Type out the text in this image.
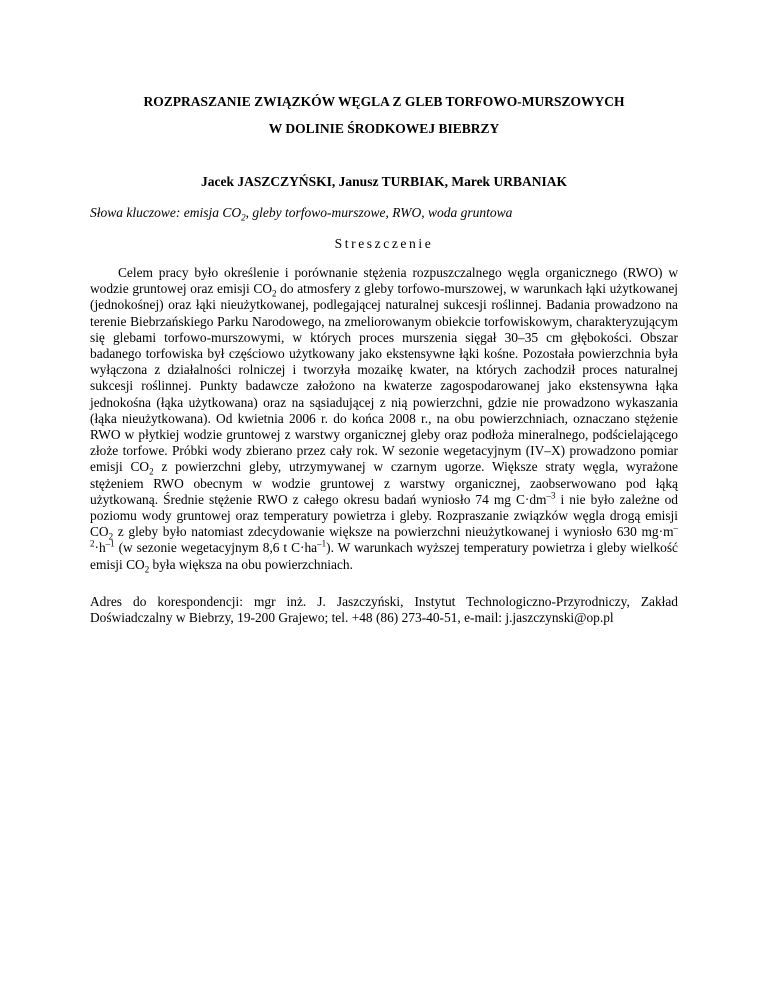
ROZPRASZANIE ZWIĄZKÓW WĘGLA Z GLEB TORFOWO-MURSZOWYCH
W DOLINIE ŚRODKOWEJ BIEBRZY
Jacek JASZCZYŃSKI, Janusz TURBIAK, Marek URBANIAK
Słowa kluczowe: emisja $CO_2$, gleby torfowo-murszowe, RWO, woda gruntowa
Streszczenie

Celem pracy było określenie i porównanie stężenia rozpuszczalnego węgla organicznego (RWO) w wodzie gruntowej oraz emisji $CO_2$ do atmosfery z gleby torfowo-murszowej, w warunkach łąki użytkowanej (jednokośnej) oraz łąki nieużytkowanej, podlegającej naturalnej sukcesji roślinnej. Badania prowadzono na terenie Biebrzańskiego Parku Narodowego, na zmeliorowanym obiekcie torfowiskowym, charakteryzującym się glebami torfowo-murszowymi, w których proces murszenia sięgał 30–35 cm głębokości. Obszar badanego torfowiska był częściowo użytkowany jako ekstensywne łąki kośne. Pozostała powierzchnia była wyłączona z działalności rolniczej i tworzyła mozaikę kwater, na których zachodził proces naturalnej sukcesji roślinnej. Punkty badawcze założono na kwaterze zagospodarowanej jako ekstensywna łąka jednokośna (łąka użytkowana) oraz na sąsiadującej z nią powierzchni, gdzie nie prowadzono wykaszania (łąka nieużytkowana). Od kwietnia 2006 r. do końca 2008 r., na obu powierzchniach, oznaczano stężenie RWO w płytkiej wodzie gruntowej z warstwy organicznej gleby oraz podłoża mineralnego, podścielającego złoże torfowe. Próbki wody zbierano przez cały rok. W sezonie wegetacyjnym (IV–X) prowadzono pomiar emisji $CO_2$ z powierzchni gleby, utrzymywanej w czarnym ugorze. Większe straty węgla, wyrażone stężeniem RWO obecnym w wodzie gruntowej z warstwy organicznej, zaobserwowano pod łąką użytkowaną. Średnie stężenie RWO z całego okresu badań wyniosło 74 mg $C\cdot dm^{-3}$ i nie było zależne od poziomu wody gruntowej oraz temperatury powietrza i gleby. Rozpraszanie związków węgla drogą emisji $CO_2$ z gleby było natomiast zdecydowanie większe na powierzchni nieużytkowanej i wyniosło 630 $mg\cdot m^{-2}\cdot h^{-1}$ (w sezonie wegetacyjnym 8,6 t $C\cdot ha^{-1}$). W warunkach wyższej temperatury powietrza i gleby wielkość emisji $CO_2$ była większa na obu powierzchniach.

Adres do korespondencji: mgr inż. J. Jaszczyński, Instytut Technologiczno-Przyrodniczy, Zakład Doświadczalny w Biebrzy, 19-200 Grajewo; tel. +48 (86) 273-40-51, e-mail: j.jaszczynski@op.pl
